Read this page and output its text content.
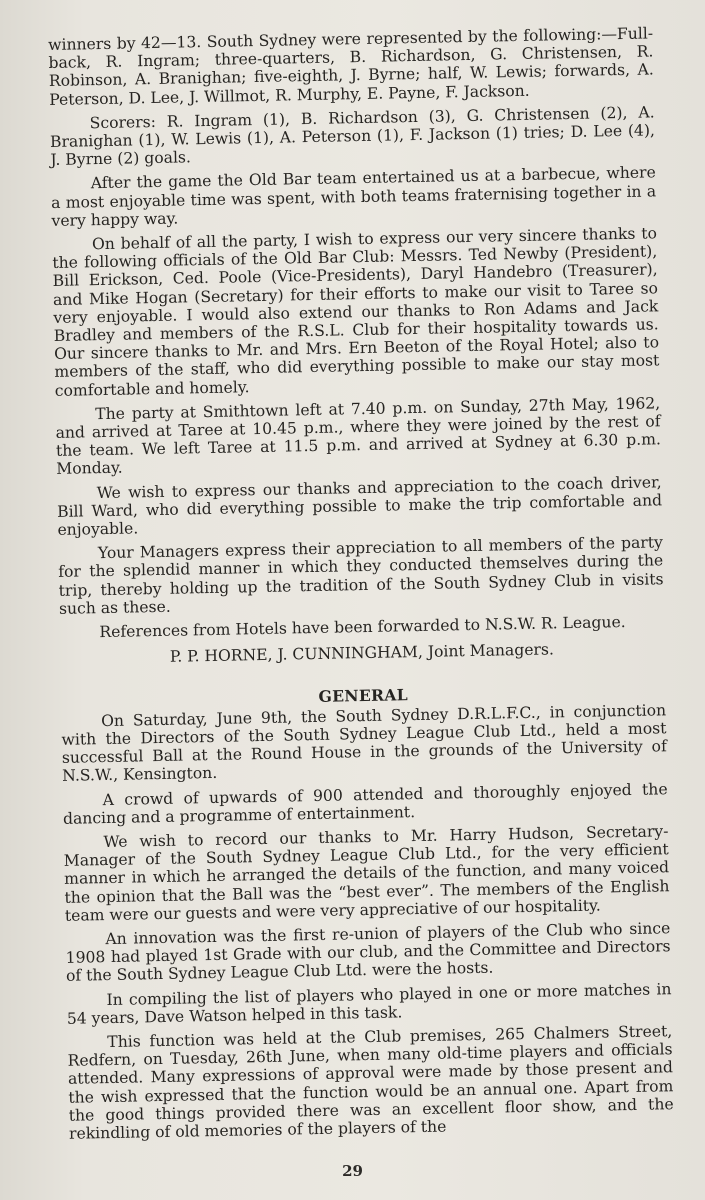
winners by 42—13. South Sydney were represented by the following:—Full-back, R. Ingram; three-quarters, B. Richardson, G. Christensen, R. Robinson, A. Branighan; five-eighth, J. Byrne; half, W. Lewis; forwards, A. Peterson, D. Lee, J. Willmot, R. Murphy, E. Payne, F. Jackson.

Scorers: R. Ingram (1), B. Richardson (3), G. Christensen (2), A. Branighan (1), W. Lewis (1), A. Peterson (1), F. Jackson (1) tries; D. Lee (4), J. Byrne (2) goals.

After the game the Old Bar team entertained us at a barbecue, where a most enjoyable time was spent, with both teams fraternising together in a very happy way.

On behalf of all the party, I wish to express our very sincere thanks to the following officials of the Old Bar Club: Messrs. Ted Newby (President), Bill Erickson, Ced. Poole (Vice-Presidents), Daryl Handebro (Treasurer), and Mike Hogan (Secretary) for their efforts to make our visit to Taree so very enjoyable. I would also extend our thanks to Ron Adams and Jack Bradley and members of the R.S.L. Club for their hospitality towards us. Our sincere thanks to Mr. and Mrs. Ern Beeton of the Royal Hotel; also to members of the staff, who did everything possible to make our stay most comfortable and homely.

The party at Smithtown left at 7.40 p.m. on Sunday, 27th May, 1962, and arrived at Taree at 10.45 p.m., where they were joined by the rest of the team. We left Taree at 11.5 p.m. and arrived at Sydney at 6.30 p.m. Monday.

We wish to express our thanks and appreciation to the coach driver, Bill Ward, who did everything possible to make the trip comfortable and enjoyable.

Your Managers express their appreciation to all members of the party for the splendid manner in which they conducted themselves during the trip, thereby holding up the tradition of the South Sydney Club in visits such as these.

References from Hotels have been forwarded to N.S.W. R. League.

P. P. HORNE, J. CUNNINGHAM, Joint Managers.

GENERAL

On Saturday, June 9th, the South Sydney D.R.L.F.C., in conjunction with the Directors of the South Sydney League Club Ltd., held a most successful Ball at the Round House in the grounds of the University of N.S.W., Kensington.

A crowd of upwards of 900 attended and thoroughly enjoyed the dancing and a programme of entertainment.

We wish to record our thanks to Mr. Harry Hudson, Secretary-Manager of the South Sydney League Club Ltd., for the very efficient manner in which he arranged the details of the function, and many voiced the opinion that the Ball was the “best ever”. The members of the English team were our guests and were very appreciative of our hospitality.

An innovation was the first re-union of players of the Club who since 1908 had played 1st Grade with our club, and the Committee and Directors of the South Sydney League Club Ltd. were the hosts.

In compiling the list of players who played in one or more matches in 54 years, Dave Watson helped in this task.

This function was held at the Club premises, 265 Chalmers Street, Redfern, on Tuesday, 26th June, when many old-time players and officials attended. Many expressions of approval were made by those present and the wish expressed that the function would be an annual one. Apart from the good things provided there was an excellent floor show, and the rekindling of old memories of the players of the

29
